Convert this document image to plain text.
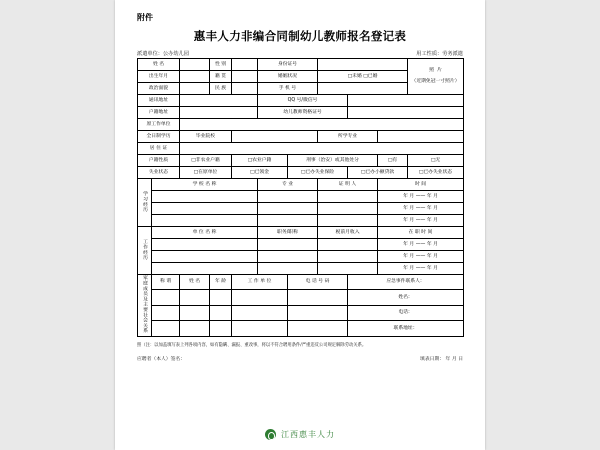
附件
惠丰人力非编合同制幼儿教师报名登记表
派遣单位：公办幼儿园	用工性质：劳务派遣
姓 名			性 别		身份证号					照  片

（近期免冠一寸照片）
出生年月			籍 贯		婚姻状况		□未婚 □已婚			
政治面貌			民 族		手 机 号					
通讯地址					QQ 号/微信号					
户籍地址					幼儿教师资格证号					
原工作单位										
全日制学历		毕业院校					所学专业			
居 住 证										
户籍性质		□非农业户籍		□农业户籍		刑事（治安）或其他处分			□有	□无
失业状态		□在原单位		□已领金		□已办失业保险		□已办小额贷款		□已办失业状态
学习经历	学 校 名 称				专 业		证 明 人		时 间	
									年 月 —— 年 月	
									年 月 —— 年 月	
									年 月 —— 年 月	
工作经历	单 位 名 称				职务/职称		税前月收入		在 职 时 间	
									年 月 —— 年 月	
									年 月 —— 年 月	
									年 月 —— 年 月	
家庭成员及主要社会关系	称 谓	姓 名	年 龄	工 作 单 位		电 话 号 码		应急事件联系人：		
								姓名：		
								电话：		
								联系地址：		
照（注：以加盖填写表上列各项内容，如有隐瞒、漏报、重改事，将以不符合聘用条件/严重违反公司规定解除劳动关系。
应聘者（本人）签名：	填表日期： 年 月 日
江西惠丰人力
